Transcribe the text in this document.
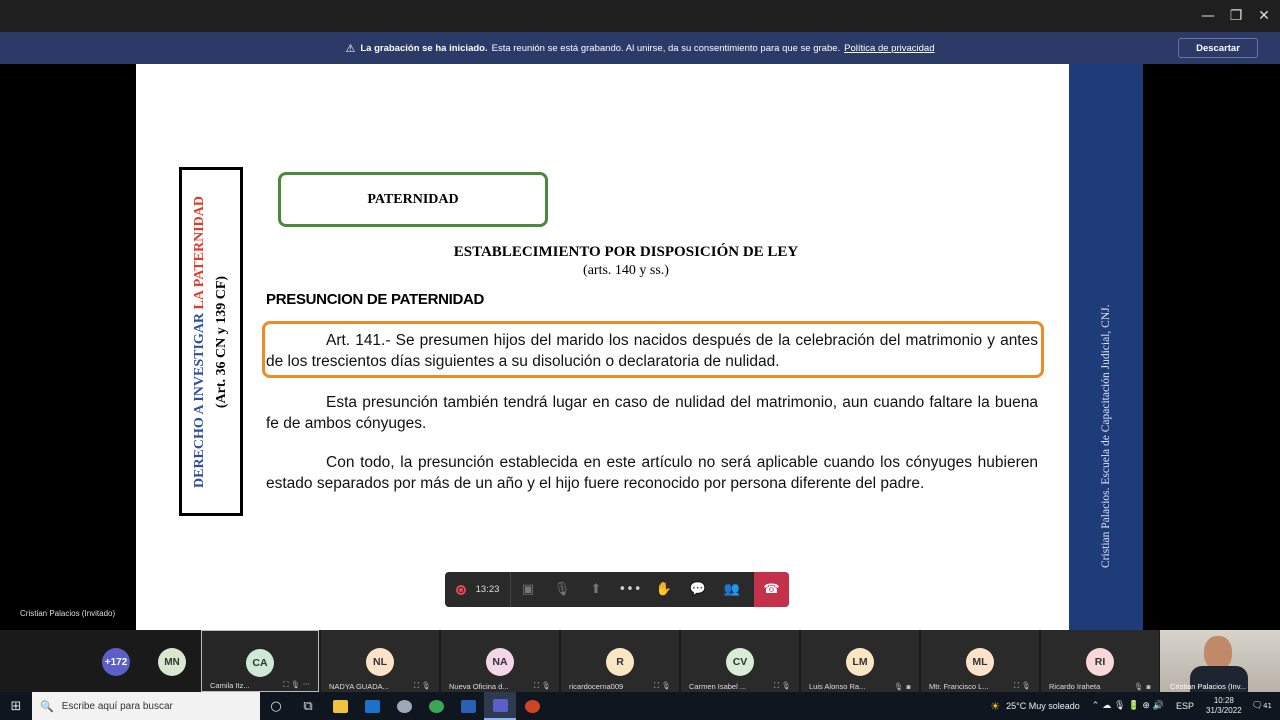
—	❐	✕
⚠ La grabación se ha iniciado. Esta reunión se está grabando. Al unirse, da su consentimiento para que se grabe. Política de privacidad	Descartar
DERECHO A INVESTIGAR LA PATERNIDAD
(Art. 36 CN y 139 CF)
PATERNIDAD
ESTABLECIMIENTO POR DISPOSICIÓN DE LEY
(arts. 140 y ss.)
PRESUNCION DE PATERNIDAD
Art. 141.- Se presumen hijos del marido los nacidos después de la celebración del matrimonio y antes de los trescientos días siguientes a su disolución o declaratoria de nulidad.
Esta presunción también tendrá lugar en caso de nulidad del matrimonio, aun cuando faltare la buena fe de ambos cónyuges.
Con todo, la presunción establecida en este artículo no será aplicable cuando los cónyuges hubieren estado separados por más de un año y el hijo fuere reconocido por persona diferente del padre.	Cristian Palacios. Escuela de Capacitación Judicial, CNJ.
Cristian Palacios (Invitado)
13:23	▣	🎙	⬆	•••	✋	💬	👥	☎
+172	MN	CA
Camila Itz...	⛶ 🎙 ···
NL
NADYA GUADA...	⛶ 🎙
NA
Nueva Oficina d...	⛶ 🎙
R
ricardocerna009	⛶ 🎙
CV
Carmen Isabel ...	⛶ 🎙
LM
Luis Alonso Ra...	🎙 ▪
ML
Mtr. Francisco L...	⛶ 🎙
RI
Ricardo Iraheta	🎙 ▪	Cristian Palacios (Inv...
⊞	🔍 Escribe aquí para buscar	○	⧉	☀ 25°C Muy soleado ⌃ ☁ 🎙 🔋 ⊕ 🔊 ESP
10:28
31/3/2022 🗨41
